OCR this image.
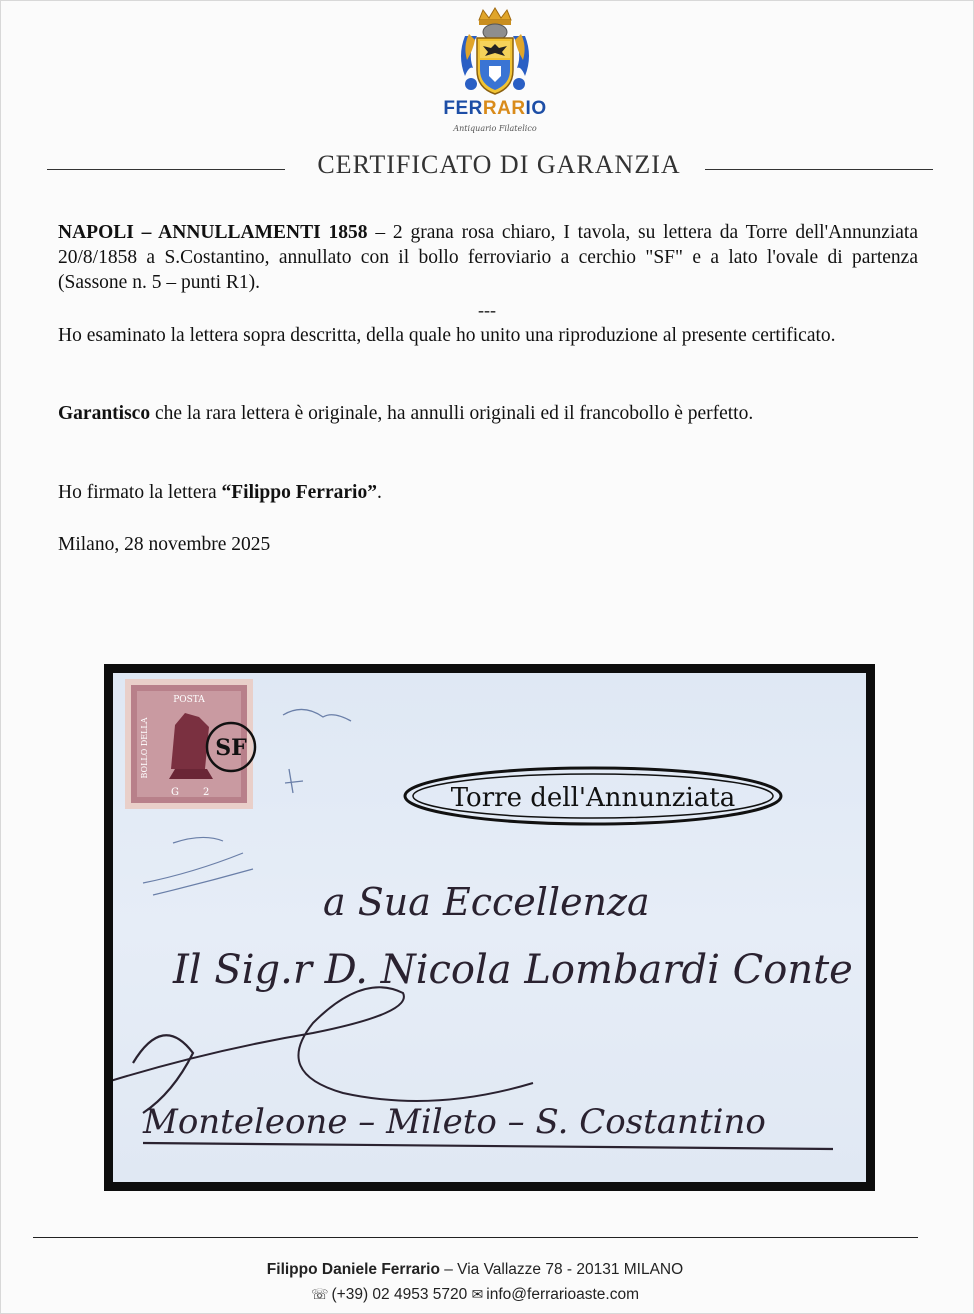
FERRARIO
Antiquario Filatelico
CERTIFICATO DI GARANZIA
NAPOLI – ANNULLAMENTI 1858 – 2 grana rosa chiaro, I tavola, su lettera da Torre dell'Annunziata 20/8/1858 a S.Costantino, annullato con il bollo ferroviario a cerchio "SF" e a lato l'ovale di partenza (Sassone n. 5 – punti R1).
---
Ho esaminato la lettera sopra descritta, della quale ho unito una riproduzione al presente certificato.
Garantisco che la rara lettera è originale, ha annulli originali ed il francobollo è perfetto.
Ho firmato la lettera “Filippo Ferrario”.
Milano, 28 novembre 2025
POSTA
BOLLO DELLA
G 2
SF
Torre dell'Annunziata
a Sua Eccellenza
Il Sig.r D. Nicola Lombardi Conte
Monteleone – Mileto – S. Costantino
Filippo Daniele Ferrario – Via Vallazze 78 - 20131 MILANO
☏ (+39) 02 4953 5720 ✉ info@ferrarioaste.com
